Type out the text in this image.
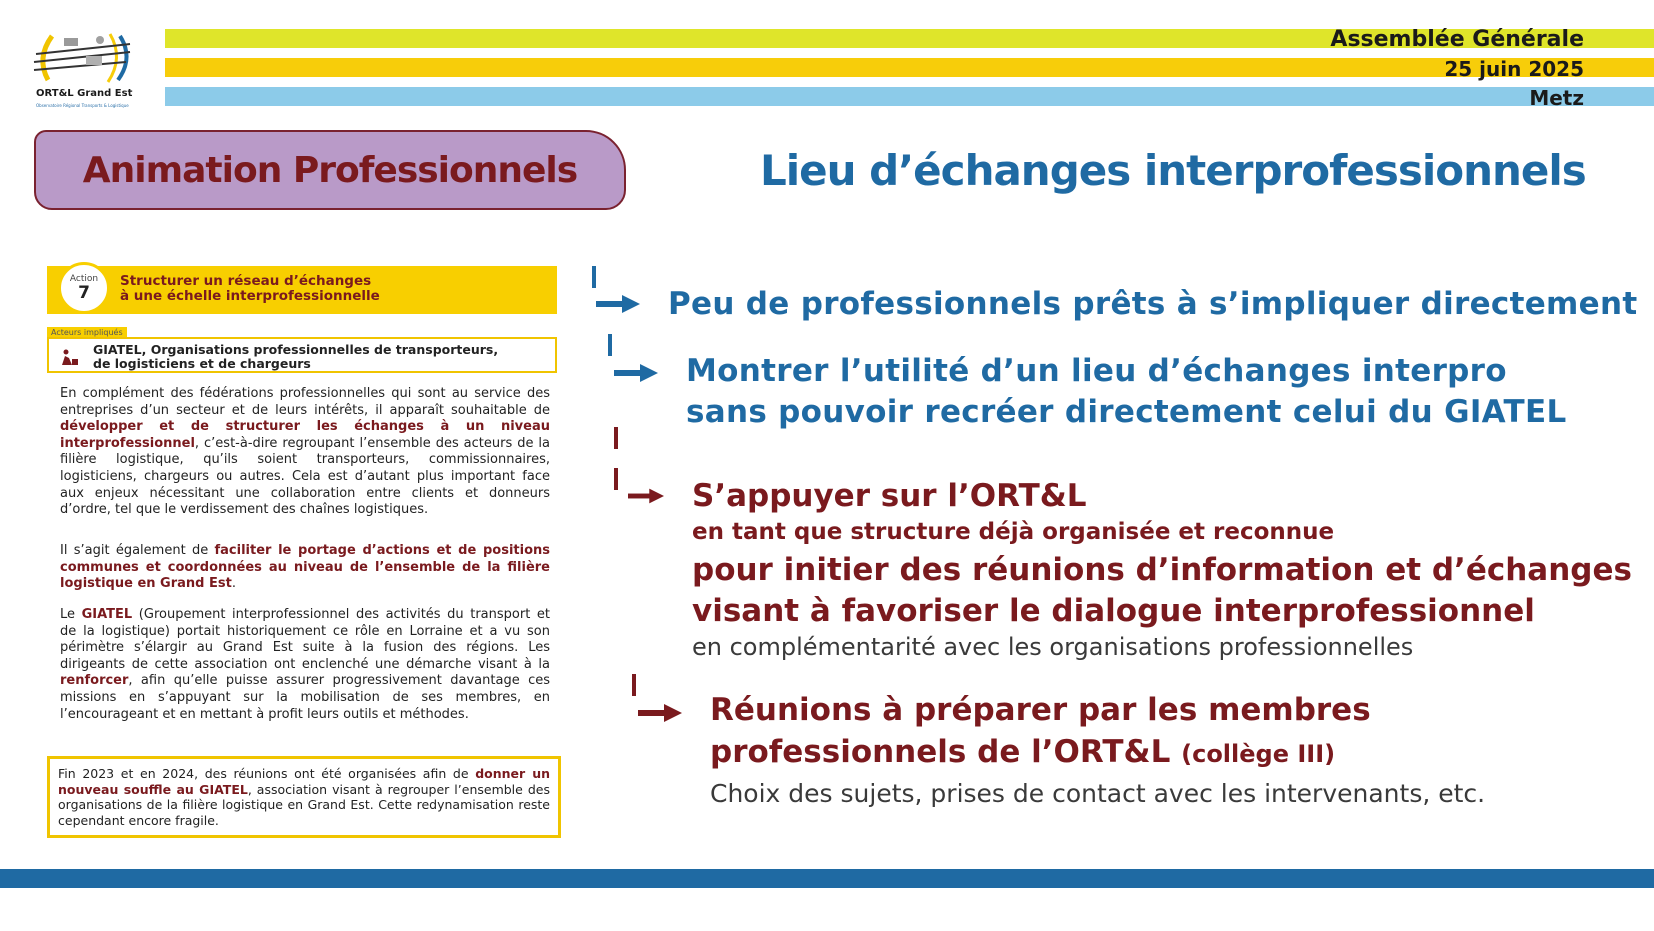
Assemblée Générale
25 juin 2025
Metz
ORT&L Grand Est
Observatoire Régional Transports & Logistique
Animation Professionnels	Lieu d’échanges interprofessionnels
Action
7
Structurer un réseau d’échanges
à une échelle interprofessionnelle
Acteurs impliqués
GIATEL, Organisations professionnelles de transporteurs,
de logisticiens et de chargeurs
En complément des fédérations professionnelles qui sont au service des entreprises d’un secteur et de leurs intérêts, il apparaît souhaitable de développer et de structurer les échanges à un niveau interprofessionnel, c’est-à-dire regroupant l’ensemble des acteurs de la filière logistique, qu’ils soient transporteurs, commissionnaires, logisticiens, chargeurs ou autres. Cela est d’autant plus important face aux enjeux nécessitant une collaboration entre clients et donneurs d’ordre, tel que le verdissement des chaînes logistiques.
Il s’agit également de faciliter le portage d’actions et de positions communes et coordonnées au niveau de l’ensemble de la filière logistique en Grand Est.
Le GIATEL (Groupement interprofessionnel des activités du transport et de la logistique) portait historiquement ce rôle en Lorraine et a vu son périmètre s’élargir au Grand Est suite à la fusion des régions. Les dirigeants de cette association ont enclenché une démarche visant à la renforcer, afin qu’elle puisse assurer progressivement davantage ces missions en s’appuyant sur la mobilisation de ses membres, en l’encourageant et en mettant à profit leurs outils et méthodes.
Fin 2023 et en 2024, des réunions ont été organisées afin de donner un nouveau souffle au GIATEL, association visant à regrouper l’ensemble des organisations de la filière logistique en Grand Est. Cette redynamisation reste cependant encore fragile.
Peu de professionnels prêts à s’impliquer directement
Montrer l’utilité d’un lieu d’échanges interpro
sans pouvoir recréer directement celui du GIATEL
S’appuyer sur l’ORT&L
en tant que structure déjà organisée et reconnue
pour initier des réunions d’information et d’échanges
visant à favoriser le dialogue interprofessionnel
en complémentarité avec les organisations professionnelles
Réunions à préparer par les membres
professionnels de l’ORT&L (collège III)
Choix des sujets, prises de contact avec les intervenants, etc.
